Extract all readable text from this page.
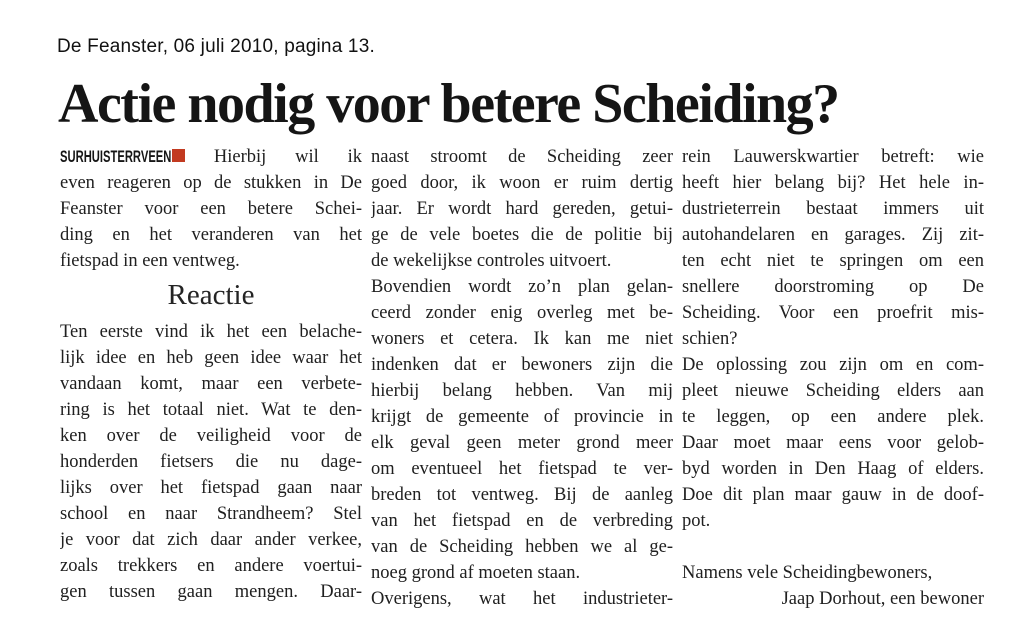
De Feanster, 06 juli 2010, pagina 13.
Actie nodig voor betere Scheiding?
SURHUISTERRVEEN Hierbij wil ik
even reageren op de stukken in De
Feanster voor een betere Schei-
ding en het veranderen van het
fietspad in een ventweg.
Reactie
Ten eerste vind ik het een belache-
lijk idee en heb geen idee waar het
vandaan komt, maar een verbete-
ring is het totaal niet. Wat te den-
ken over de veiligheid voor de
honderden fietsers die nu dage-
lijks over het fietspad gaan naar
school en naar Strandheem? Stel
je voor dat zich daar ander verkee,
zoals trekkers en andere voertui-
gen tussen gaan mengen. Daar-
naast stroomt de Scheiding zeer
goed door, ik woon er ruim dertig
jaar. Er wordt hard gereden, getui-
ge de vele boetes die de politie bij
de wekelijkse controles uitvoert.
Bovendien wordt zo’n plan gelan-
ceerd zonder enig overleg met be-
woners et cetera. Ik kan me niet
indenken dat er bewoners zijn die
hierbij belang hebben. Van mij
krijgt de gemeente of provincie in
elk geval geen meter grond meer
om eventueel het fietspad te ver-
breden tot ventweg. Bij de aanleg
van het fietspad en de verbreding
van de Scheiding hebben we al ge-
noeg grond af moeten staan.
Overigens, wat het industrieter-
rein Lauwerskwartier betreft: wie
heeft hier belang bij? Het hele in-
dustrieterrein bestaat immers uit
autohandelaren en garages. Zij zit-
ten echt niet te springen om een
snellere doorstroming op De
Scheiding. Voor een proefrit mis-
schien?
De oplossing zou zijn om en com-
pleet nieuwe Scheiding elders aan
te leggen, op een andere plek.
Daar moet maar eens voor gelob-
byd worden in Den Haag of elders.
Doe dit plan maar gauw in de doof-
pot.
Namens vele Scheidingbewoners,
Jaap Dorhout, een bewoner
